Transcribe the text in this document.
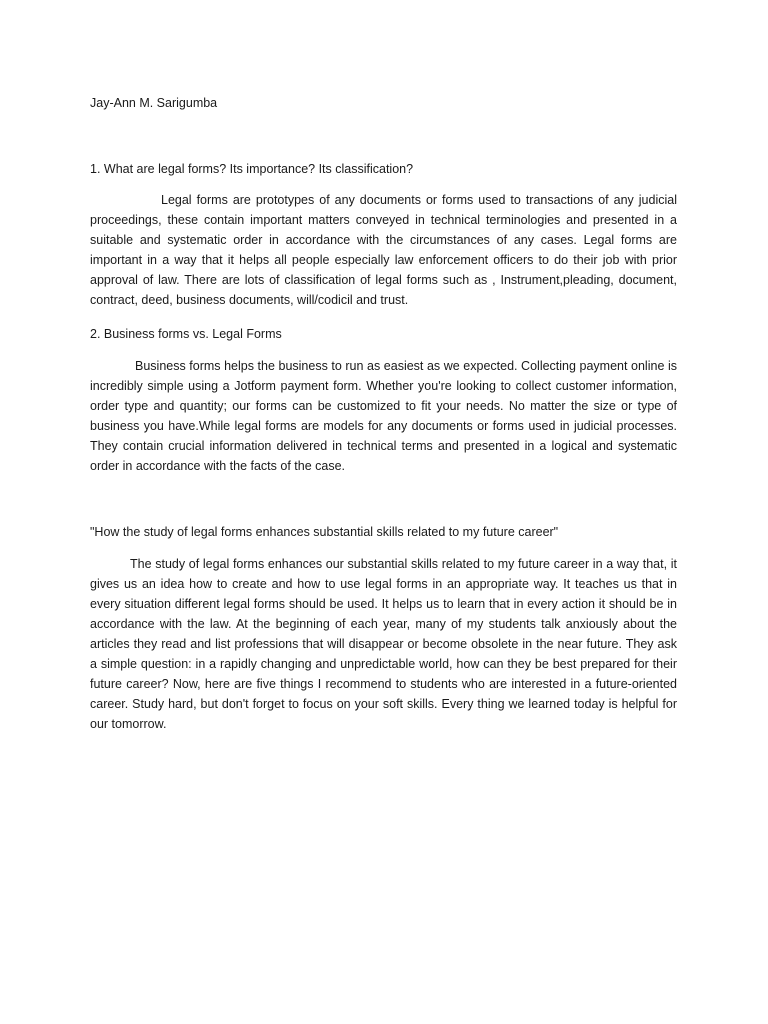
Jay-Ann M. Sarigumba

1. What are legal forms? Its importance? Its classification?

Legal forms are prototypes of any documents or forms used to transactions of any judicial proceedings, these contain important matters conveyed in technical terminologies and presented in a suitable and systematic order in accordance with the circumstances of any cases. Legal forms are important in a way that it helps all people especially law enforcement officers to do their job with prior approval of law. There are lots of classification of legal forms such as , Instrument,pleading, document, contract, deed, business documents, will/codicil and trust.

2. Business forms vs. Legal Forms

Business forms helps the business to run as easiest as we expected. Collecting payment online is incredibly simple using a Jotform payment form. Whether you're looking to collect customer information, order type and quantity; our forms can be customized to fit your needs. No matter the size or type of business you have.While legal forms are models for any documents or forms used in judicial processes. They contain crucial information delivered in technical terms and presented in a logical and systematic order in accordance with the facts of the case.

"How the study of legal forms enhances substantial skills related to my future career"

The study of legal forms enhances our substantial skills related to my future career in a way that, it gives us an idea how to create and how to use legal forms in an appropriate way. It teaches us that in every situation different legal forms should be used. It helps us to learn that in every action it should be in accordance with the law. At the beginning of each year, many of my students talk anxiously about the articles they read and list professions that will disappear or become obsolete in the near future. They ask a simple question: in a rapidly changing and unpredictable world, how can they be best prepared for their future career? Now, here are five things I recommend to students who are interested in a future-oriented career. Study hard, but don't forget to focus on your soft skills. Every thing we learned today is helpful for our tomorrow.
